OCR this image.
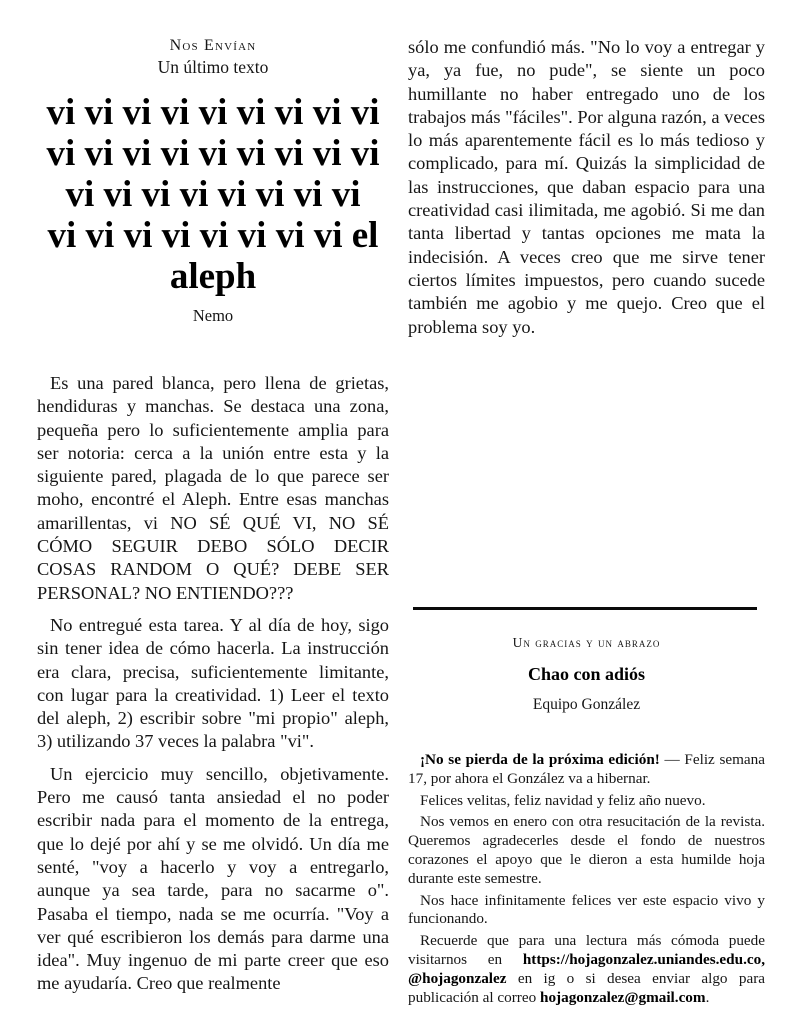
Nos Envían
Un último texto
vi vi vi vi vi vi vi vi vi
vi vi vi vi vi vi vi vi vi
vi vi vi vi vi vi vi vi
vi vi vi vi vi vi vi vi el
aleph
Nemo

Es una pared blanca, pero llena de grietas, hendiduras y manchas. Se destaca una zona, pequeña pero lo suficientemente amplia para ser notoria: cerca a la unión entre esta y la siguiente pared, plagada de lo que parece ser moho, encontré el Aleph. Entre esas manchas amarillentas, vi NO SÉ QUÉ VI, NO SÉ CÓMO SEGUIR DEBO SÓLO DECIR COSAS RANDOM O QUÉ? DEBE SER PERSONAL? NO ENTIENDO???

No entregué esta tarea. Y al día de hoy, sigo sin tener idea de cómo hacerla. La instrucción era clara, precisa, suficientemente limitante, con lugar para la creatividad. 1) Leer el texto del aleph, 2) escribir sobre "mi propio" aleph, 3) utilizando 37 veces la palabra "vi".

Un ejercicio muy sencillo, objetivamente. Pero me causó tanta ansiedad el no poder escribir nada para el momento de la entrega, que lo dejé por ahí y se me olvidó. Un día me senté, "voy a hacerlo y voy a entregarlo, aunque ya sea tarde, para no sacarme o". Pasaba el tiempo, nada se me ocurría. "Voy a ver qué escribieron los demás para darme una idea". Muy ingenuo de mi parte creer que eso me ayudaría. Creo que realmente

sólo me confundió más. "No lo voy a entregar y ya, ya fue, no pude", se siente un poco humillante no haber entregado uno de los trabajos más "fáciles". Por alguna razón, a veces lo más aparentemente fácil es lo más tedioso y complicado, para mí. Quizás la simplicidad de las instrucciones, que daban espacio para una creatividad casi ilimitada, me agobió. Si me dan tanta libertad y tantas opciones me mata la indecisión. A veces creo que me sirve tener ciertos límites impuestos, pero cuando sucede también me agobio y me quejo. Creo que el problema soy yo.

Un gracias y un abrazo
Chao con adiós
Equipo González

¡No se pierda de la próxima edición! — Feliz semana 17, por ahora el González va a hibernar.

Felices velitas, feliz navidad y feliz año nuevo.

Nos vemos en enero con otra resucitación de la revista. Queremos agradecerles desde el fondo de nuestros corazones el apoyo que le dieron a esta humilde hoja durante este semestre.

Nos hace infinitamente felices ver este espacio vivo y funcionando.

Recuerde que para una lectura más cómoda puede visitarnos en https://hojagonzalez.uniandes.edu.co, @hojagonzalez en ig o si desea enviar algo para publicación al correo hojagonzalez@gmail.com.
